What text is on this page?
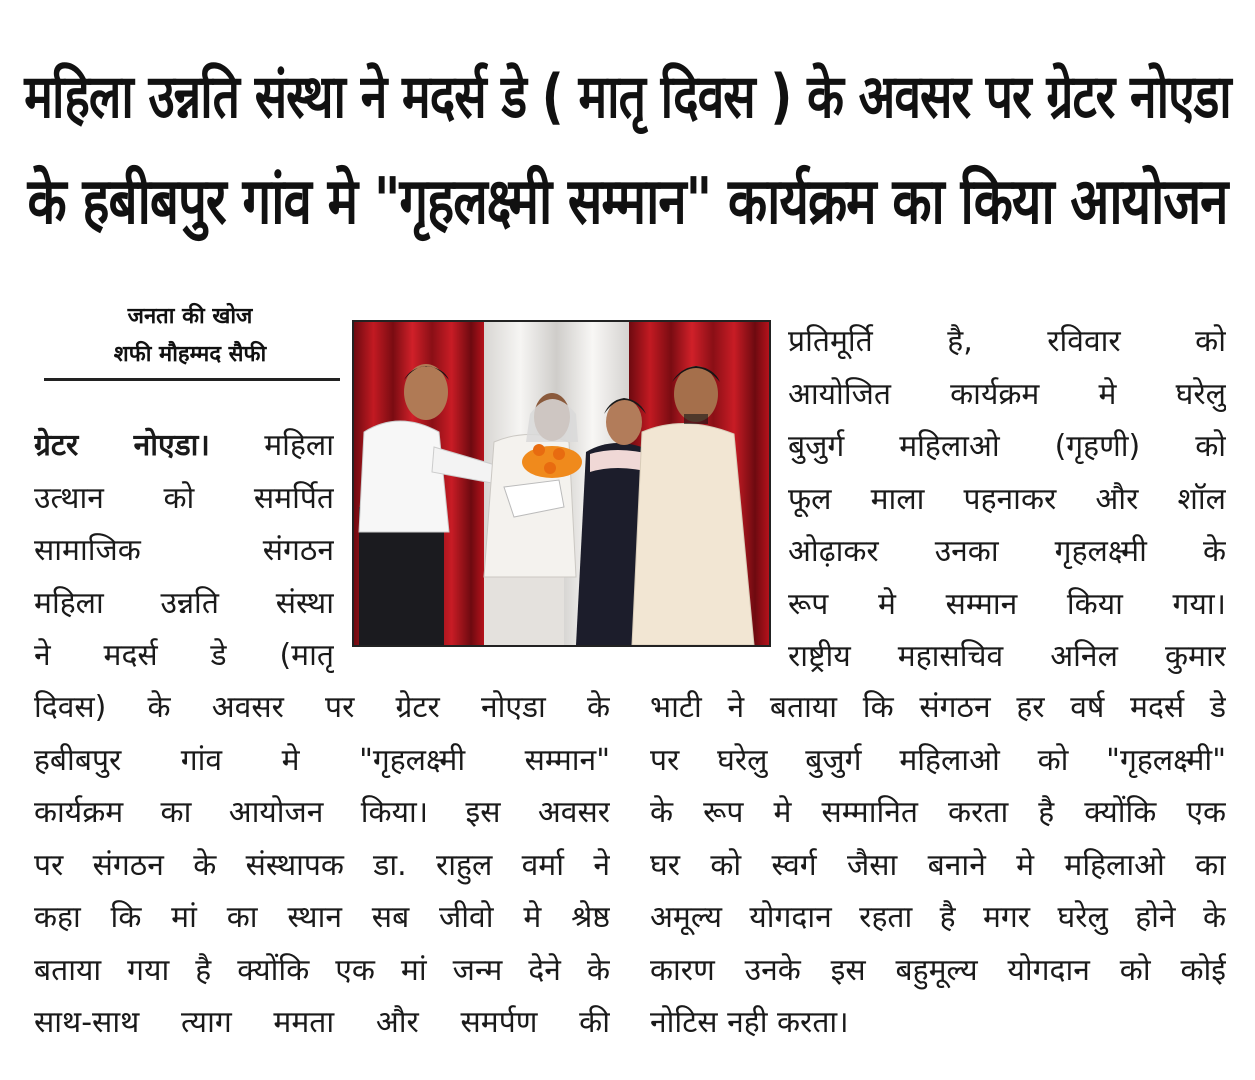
महिला उन्नति संस्था ने मदर्स डे ( मातृ दिवस ) के अवसर पर ग्रेटर नोएडा
के हबीबपुर गांव मे "गृहलक्ष्मी सम्मान" कार्यक्रम का किया आयोजन
जनता की खोज
शफी मौहम्मद सैफी
ग्रेटर नोएडा। महिला
उत्थान को समर्पित
सामाजिक संगठन
महिला उन्नति संस्था
ने मदर्स डे (मातृ
प्रतिमूर्ति है, रविवार को
आयोजित कार्यक्रम मे घरेलु
बुजुर्ग महिलाओ (गृहणी) को
फूल माला पहनाकर और शॉल
ओढ़ाकर उनका गृहलक्ष्मी के
रूप मे सम्मान किया गया।
राष्ट्रीय महासचिव अनिल कुमार
दिवस) के अवसर पर ग्रेटर नोएडा के
हबीबपुर गांव मे "गृहलक्ष्मी सम्मान"
कार्यक्रम का आयोजन किया। इस अवसर
पर संगठन के संस्थापक डा. राहुल वर्मा ने
कहा कि मां का स्थान सब जीवो मे श्रेष्ठ
बताया गया है क्योंकि एक मां जन्म देने के
साथ-साथ त्याग ममता और समर्पण की
भाटी ने बताया कि संगठन हर वर्ष मदर्स डे
पर घरेलु बुजुर्ग महिलाओ को "गृहलक्ष्मी"
के रूप मे सम्मानित करता है क्योंकि एक
घर को स्वर्ग जैसा बनाने मे महिलाओ का
अमूल्य योगदान रहता है मगर घरेलु होने के
कारण उनके इस बहुमूल्य योगदान को कोई
नोटिस नही करता।
